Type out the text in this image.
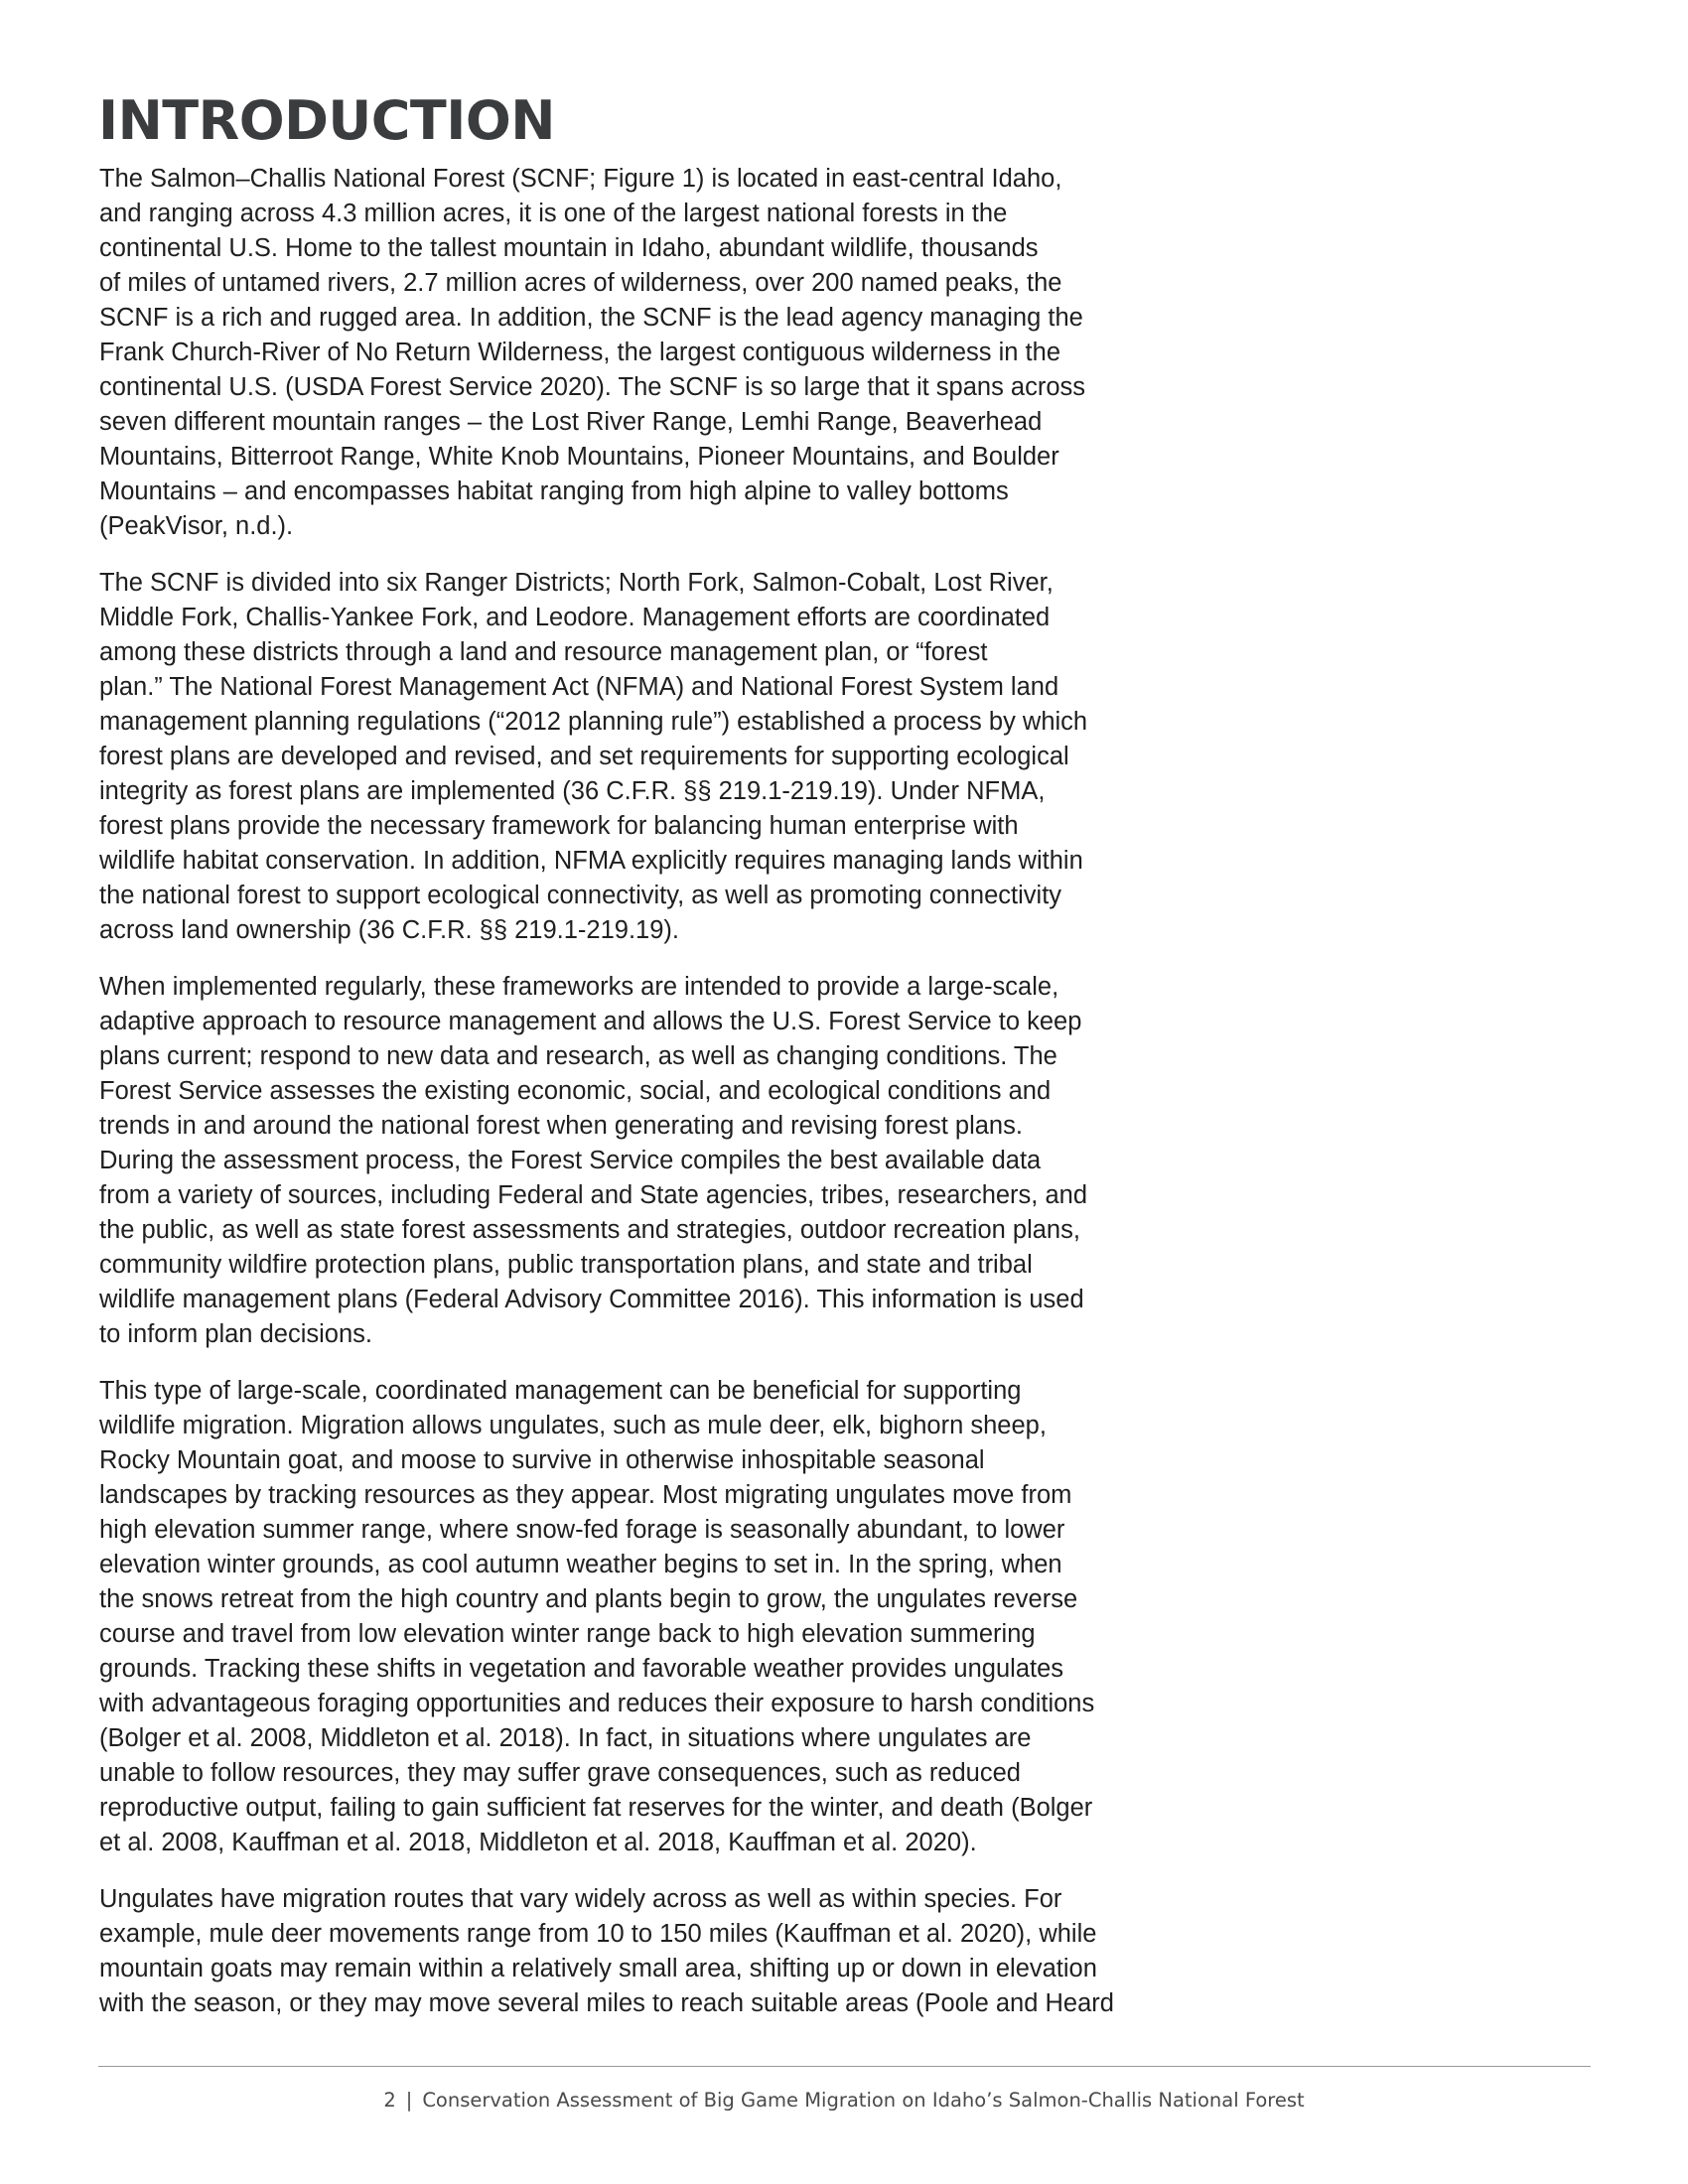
INTRODUCTION

The Salmon–Challis National Forest (SCNF; Figure 1) is located in east-central Idaho,
and ranging across 4.3 million acres, it is one of the largest national forests in the
continental U.S. Home to the tallest mountain in Idaho, abundant wildlife, thousands
of miles of untamed rivers, 2.7 million acres of wilderness, over 200 named peaks, the
SCNF is a rich and rugged area. In addition, the SCNF is the lead agency managing the
Frank Church-River of No Return Wilderness, the largest contiguous wilderness in the
continental U.S. (USDA Forest Service 2020). The SCNF is so large that it spans across
seven different mountain ranges – the Lost River Range, Lemhi Range, Beaverhead
Mountains, Bitterroot Range, White Knob Mountains, Pioneer Mountains, and Boulder
Mountains – and encompasses habitat ranging from high alpine to valley bottoms
(PeakVisor, n.d.).

The SCNF is divided into six Ranger Districts; North Fork, Salmon-Cobalt, Lost River,
Middle Fork, Challis-Yankee Fork, and Leodore. Management efforts are coordinated
among these districts through a land and resource management plan, or “forest
plan.” The National Forest Management Act (NFMA) and National Forest System land
management planning regulations (“2012 planning rule”) established a process by which
forest plans are developed and revised, and set requirements for supporting ecological
integrity as forest plans are implemented (36 C.F.R. §§ 219.1-219.19). Under NFMA,
forest plans provide the necessary framework for balancing human enterprise with
wildlife habitat conservation. In addition, NFMA explicitly requires managing lands within
the national forest to support ecological connectivity, as well as promoting connectivity
across land ownership (36 C.F.R. §§ 219.1-219.19).

When implemented regularly, these frameworks are intended to provide a large-scale,
adaptive approach to resource management and allows the U.S. Forest Service to keep
plans current; respond to new data and research, as well as changing conditions. The
Forest Service assesses the existing economic, social, and ecological conditions and
trends in and around the national forest when generating and revising forest plans.
During the assessment process, the Forest Service compiles the best available data
from a variety of sources, including Federal and State agencies, tribes, researchers, and
the public, as well as state forest assessments and strategies, outdoor recreation plans,
community wildfire protection plans, public transportation plans, and state and tribal
wildlife management plans (Federal Advisory Committee 2016). This information is used
to inform plan decisions.

This type of large-scale, coordinated management can be beneficial for supporting
wildlife migration. Migration allows ungulates, such as mule deer, elk, bighorn sheep,
Rocky Mountain goat, and moose to survive in otherwise inhospitable seasonal
landscapes by tracking resources as they appear. Most migrating ungulates move from
high elevation summer range, where snow-fed forage is seasonally abundant, to lower
elevation winter grounds, as cool autumn weather begins to set in. In the spring, when
the snows retreat from the high country and plants begin to grow, the ungulates reverse
course and travel from low elevation winter range back to high elevation summering
grounds. Tracking these shifts in vegetation and favorable weather provides ungulates
with advantageous foraging opportunities and reduces their exposure to harsh conditions
(Bolger et al. 2008, Middleton et al. 2018). In fact, in situations where ungulates are
unable to follow resources, they may suffer grave consequences, such as reduced
reproductive output, failing to gain sufficient fat reserves for the winter, and death (Bolger
et al. 2008, Kauffman et al. 2018, Middleton et al. 2018, Kauffman et al. 2020).

Ungulates have migration routes that vary widely across as well as within species. For
example, mule deer movements range from 10 to 150 miles (Kauffman et al. 2020), while
mountain goats may remain within a relatively small area, shifting up or down in elevation
with the season, or they may move several miles to reach suitable areas (Poole and Heard

2 | Conservation Assessment of Big Game Migration on Idaho’s Salmon-Challis National Forest
